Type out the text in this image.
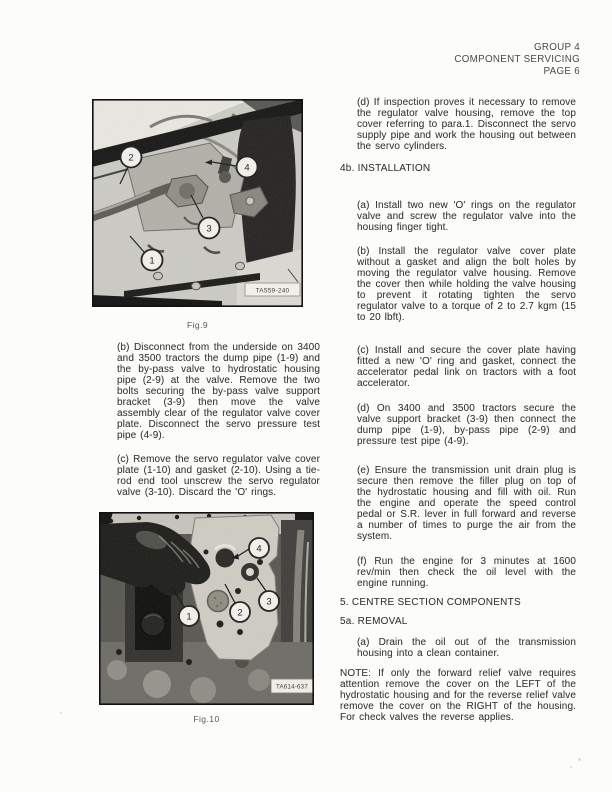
GROUP 4
COMPONENT SERVICING
PAGE 6
2
4
3
1
TA559-240
Fig.9
(b) Disconnect from the underside on 3400 and 3500 tractors the dump pipe (1-9) and the by-pass valve to hydrostatic housing pipe (2-9) at the valve. Remove the two bolts securing the by-pass valve support bracket (3-9) then move the valve assembly clear of the regulator valve cover plate. Disconnect the servo pressure test pipe (4-9).
(c) Remove the servo regulator valve cover plate (1-10) and gasket (2-10). Using a tie-rod end tool unscrew the servo regulator valve (3-10). Discard the 'O' rings.
4
3
2
1
TA614-637
Fig.10
(d) If inspection proves it necessary to remove the regulator valve housing, remove the top cover referring to para.1. Disconnect the servo supply pipe and work the housing out between the servo cylinders.
4b. INSTALLATION
(a) Install two new 'O' rings on the regulator valve and screw the regulator valve into the housing finger tight.
(b) Install the regulator valve cover plate without a gasket and align the bolt holes by moving the regulator valve housing. Remove the cover then while holding the valve housing to prevent it rotating tighten the servo regulator valve to a torque of 2 to 2.7 kgm (15 to 20 lbft).
(c) Install and secure the cover plate having fitted a new 'O' ring and gasket, connect the accelerator pedal link on tractors with a foot accelerator.
(d) On 3400 and 3500 tractors secure the valve support bracket (3-9) then connect the dump pipe (1-9), by-pass pipe (2-9) and pressure test pipe (4-9).
(e) Ensure the transmission unit drain plug is secure then remove the filler plug on top of the hydrostatic housing and fill with oil. Run the engine and operate the speed control pedal or S.R. lever in full forward and reverse a number of times to purge the air from the system.
(f) Run the engine for 3 minutes at 1600 rev/min then check the oil level with the engine running.
5. CENTRE SECTION COMPONENTS
5a. REMOVAL
(a) Drain the oil out of the transmission housing into a clean container.
NOTE: If only the forward relief valve requires attention remove the cover on the LEFT of the hydrostatic housing and for the reverse relief valve remove the cover on the RIGHT of the housing. For check valves the reverse applies.
